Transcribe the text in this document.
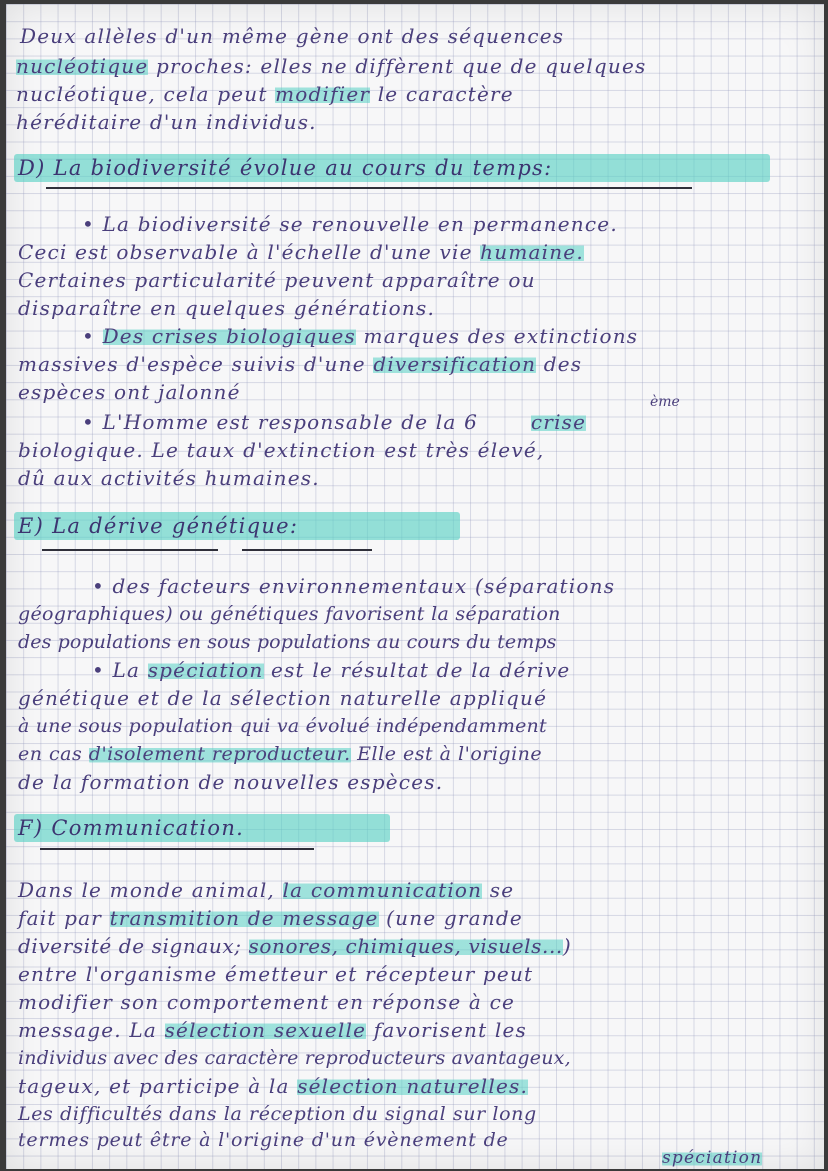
Deux allèles d'un même gène ont des séquences
nucléotique proches: elles ne diffèrent que de quelques
nucléotique, cela peut modifier le caractère
héréditaire d'un individus.
D) La biodiversité évolue au cours du temps:
• La biodiversité se renouvelle en permanence.
Ceci est observable à l'échelle d'une vie humaine.
Certaines particularité peuvent apparaître ou
disparaître en quelques générations.
• Des crises biologiques marques des extinctions
massives d'espèce suivis d'une diversification des
espèces ont jalonné	ème
• L'Homme est responsable de la 6	crise
biologique. Le taux d'extinction est très élevé,
dû aux activités humaines.
E) La dérive génétique:
• des facteurs environnementaux (séparations
géographiques) ou génétiques favorisent la séparation
des populations en sous populations au cours du temps
• La spéciation est le résultat de la dérive
génétique et de la sélection naturelle appliqué
à une sous population qui va évolué indépendamment
en cas d'isolement reproducteur. Elle est à l'origine
de la formation de nouvelles espèces.
F) Communication.
Dans le monde animal, la communication se
fait par transmition de message (une grande
diversité de signaux; sonores, chimiques, visuels...)
entre l'organisme émetteur et récepteur peut
modifier son comportement en réponse à ce
message. La sélection sexuelle favorisent les
individus avec des caractère reproducteurs avantageux,
tageux, et participe à la sélection naturelles.
Les difficultés dans la réception du signal sur long
termes peut être à l'origine d'un évènement de
spéciation
